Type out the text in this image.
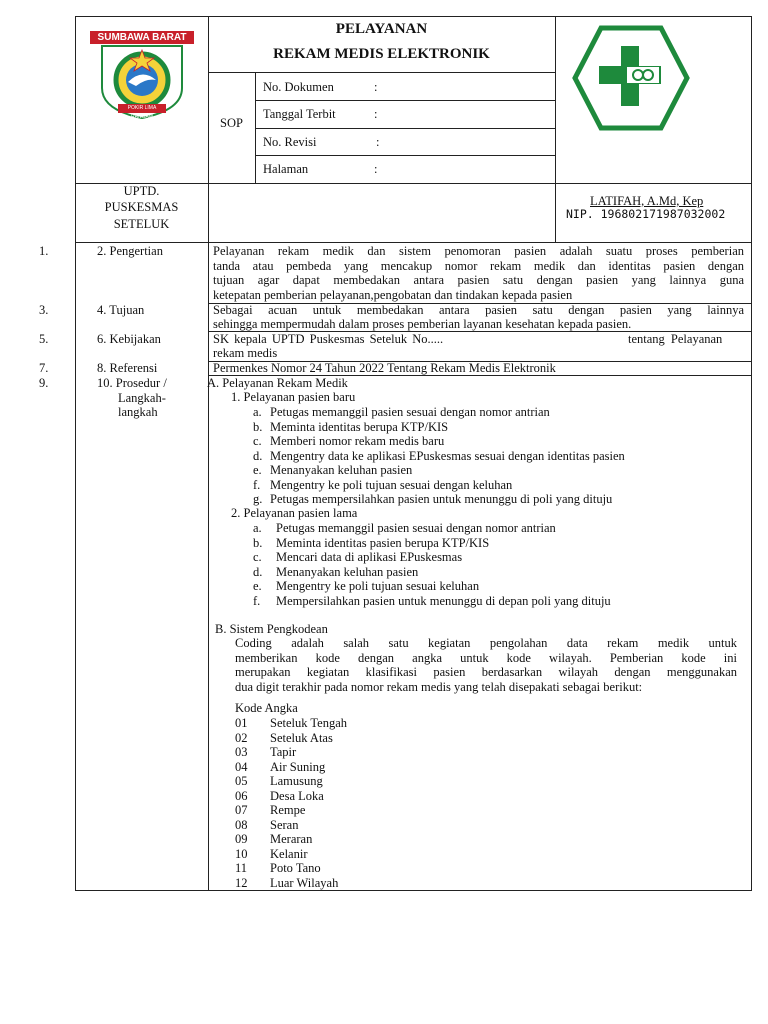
SUMBAWA BARAT
POKIR LIMA RANGAM
PELAYANAN
REKAM MEDIS ELEKTRONIK
SOP
No. Dokumen	:
Tanggal Terbit	:
No. Revisi	:
Halaman	:
UPTD.
PUSKESMAS
SETELUK
LATIFAH, A.Md, Kep
NIP. 196802171987032002
1.	2. Pengertian	Pelayanan rekam medik dan sistem penomoran pasien adalah suatu proses pemberian
tanda atau pembeda yang mencakup nomor rekam medik dan identitas pasien dengan
tujuan agar dapat membedakan antara pasien satu dengan pasien yang lainnya guna
ketepatan pemberian pelayanan,pengobatan dan tindakan kepada pasien
3.	4. Tujuan	Sebagai acuan untuk membedakan antara pasien satu dengan pasien yang lainnya
sehingga mempermudah dalam proses pemberian layanan kesehatan kepada pasien.
5.	6. Kebijakan	SK kepala UPTD Puskesmas Seteluk No.....	tentang Pelayanan
rekam medis
7.	8. Referensi	Permenkes Nomor 24 Tahun 2022 Tentang Rekam Medis Elektronik
9.	10. Prosedur /
Langkah-
langkah
A. Pelayanan Rekam Medik
1. Pelayanan pasien baru
a. Petugas memanggil pasien sesuai dengan nomor antrian
b. Meminta identitas berupa KTP/KIS
c. Memberi nomor rekam medis baru
d. Mengentry data ke aplikasi EPuskesmas sesuai dengan identitas pasien
e. Menanyakan keluhan pasien
f. Mengentry ke poli tujuan sesuai dengan keluhan
g. Petugas mempersilahkan pasien untuk menunggu di poli yang dituju
2. Pelayanan pasien lama
a. Petugas memanggil pasien sesuai dengan nomor antrian
b. Meminta identitas pasien berupa KTP/KIS
c. Mencari data di aplikasi EPuskesmas
d. Menanyakan keluhan pasien
e. Mengentry ke poli tujuan sesuai keluhan
f. Mempersilahkan pasien untuk menunggu di depan poli yang dituju
B. Sistem Pengkodean
Coding adalah salah satu kegiatan pengolahan data rekam medik untuk
memberikan kode dengan angka untuk kode wilayah. Pemberian kode ini
merupakan kegiatan klasifikasi pasien berdasarkan wilayah dengan menggunakan
dua digit terakhir pada nomor rekam medis yang telah disepakati sebagai berikut:
Kode Angka
01 Seteluk Tengah
02 Seteluk Atas
03 Tapir
04 Air Suning
05 Lamusung
06 Desa Loka
07 Rempe
08 Seran
09 Meraran
10 Kelanir
11 Poto Tano
12 Luar Wilayah
